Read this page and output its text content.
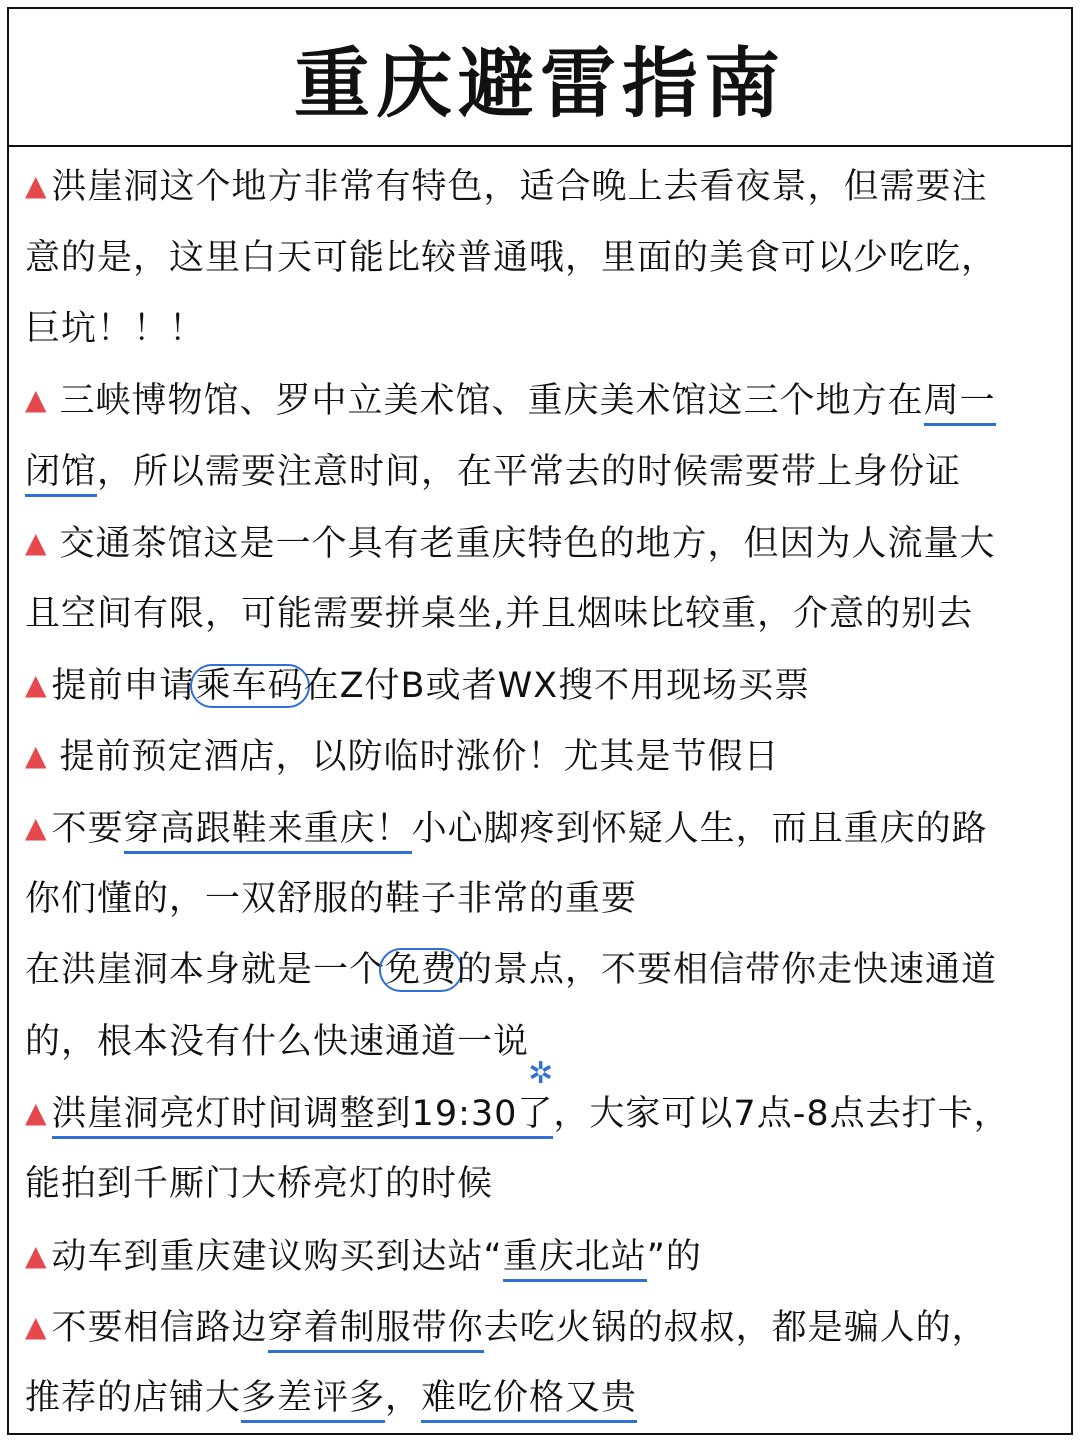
重庆避雷指南
▲ 洪崖洞这个地方非常有特色，适合晚上去看夜景，但需要注
意的是，这里白天可能比较普通哦，里面的美食可以少吃吃，
巨坑！！！
▲ 三峡博物馆、罗中立美术馆、重庆美术馆这三个地方在周一
闭馆，所以需要注意时间，在平常去的时候需要带上身份证
▲ 交通茶馆这是一个具有老重庆特色的地方，但因为人流量大
且空间有限，可能需要拼桌坐,并且烟味比较重，介意的别去
▲ 提前申请乘车码在Z付B或者WX搜不用现场买票
▲ 提前预定酒店，以防临时涨价！尤其是节假日
▲ 不要穿高跟鞋来重庆！小心脚疼到怀疑人生，而且重庆的路
你们懂的，一双舒服的鞋子非常的重要
在洪崖洞本身就是一个免费的景点，不要相信带你走快速通道
的，根本没有什么快速通道一说
✲
▲ 洪崖洞亮灯时间调整到19:30了，大家可以7点-8点去打卡，
能拍到千厮门大桥亮灯的时候
▲ 动车到重庆建议购买到达站“重庆北站”的
▲ 不要相信路边穿着制服带你去吃火锅的叔叔，都是骗人的，
推荐的店铺大多差评多，难吃价格又贵
